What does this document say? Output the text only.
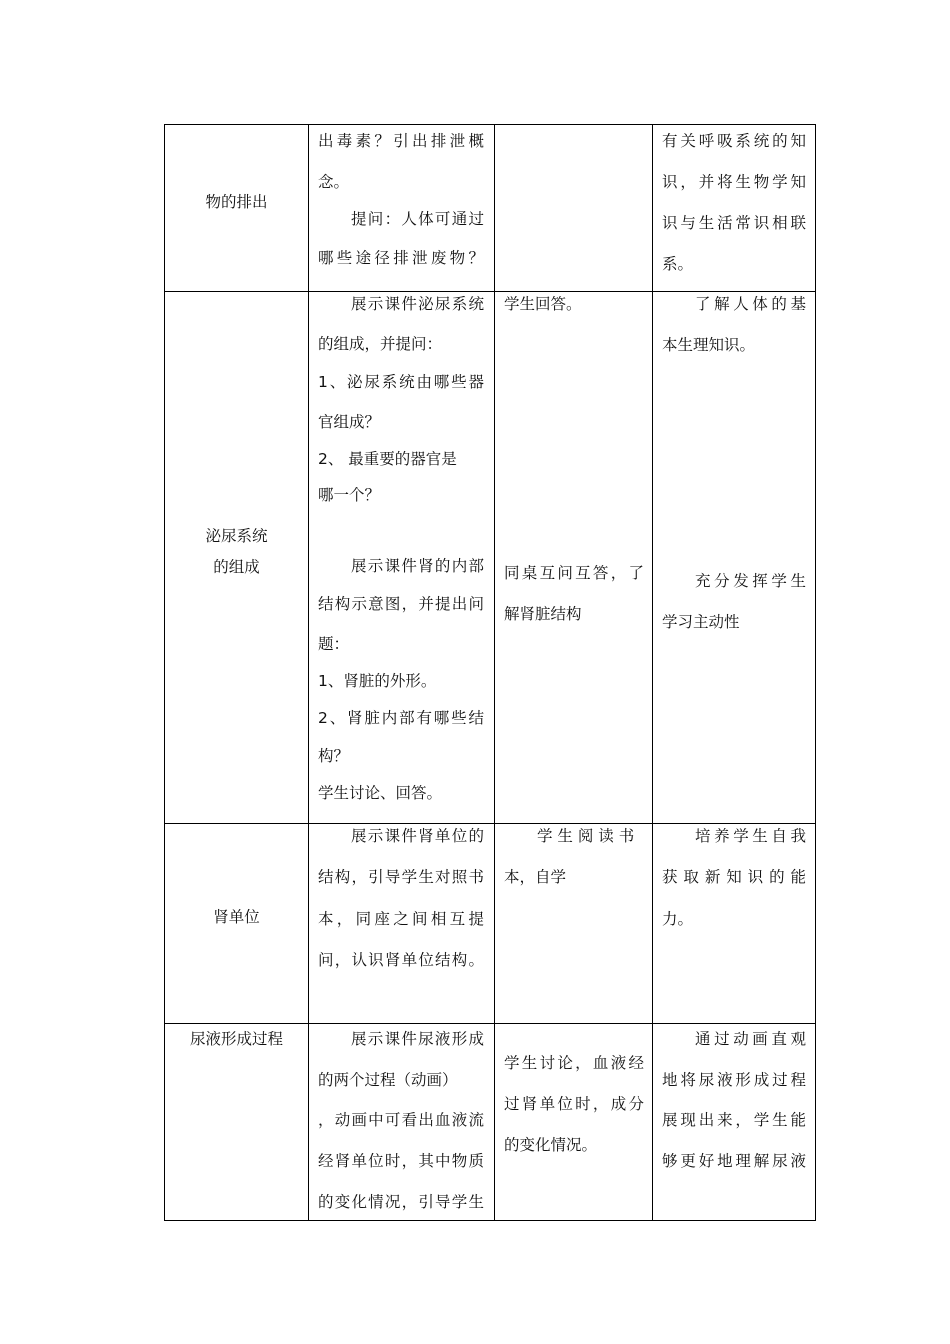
物的排出
出毒素？引出排泄概
念。
提问：人体可通过
哪些途径排泄废物？
有关呼吸系统的知
识，并将生物学知
识与生活常识相联
系。
泌尿系统
的组成
展示课件泌尿系统
的组成，并提问：
1、泌尿系统由哪些器
官组成？
2、 最重要的器官是
哪一个？
展示课件肾的内部
结构示意图，并提出问
题：
1、肾脏的外形。
2、肾脏内部有哪些结
构？
学生讨论、回答。
学生回答。
同桌互问互答，了
解肾脏结构
了解人体的基
本生理知识。
充分发挥学生
学习主动性
肾单位
展示课件肾单位的
结构，引导学生对照书
本，同座之间相互提
问，认识肾单位结构。
学 生 阅 读 书
本，自学
培养学生自我
获取新知识的能
力。
尿液形成过程	展示课件尿液形成
的两个过程（动画）
，动画中可看出血液流
经肾单位时，其中物质
的变化情况，引导学生
学生讨论，血液经
过肾单位时，成分
的变化情况。
通过动画直观
地将尿液形成过程
展现出来，学生能
够更好地理解尿液
